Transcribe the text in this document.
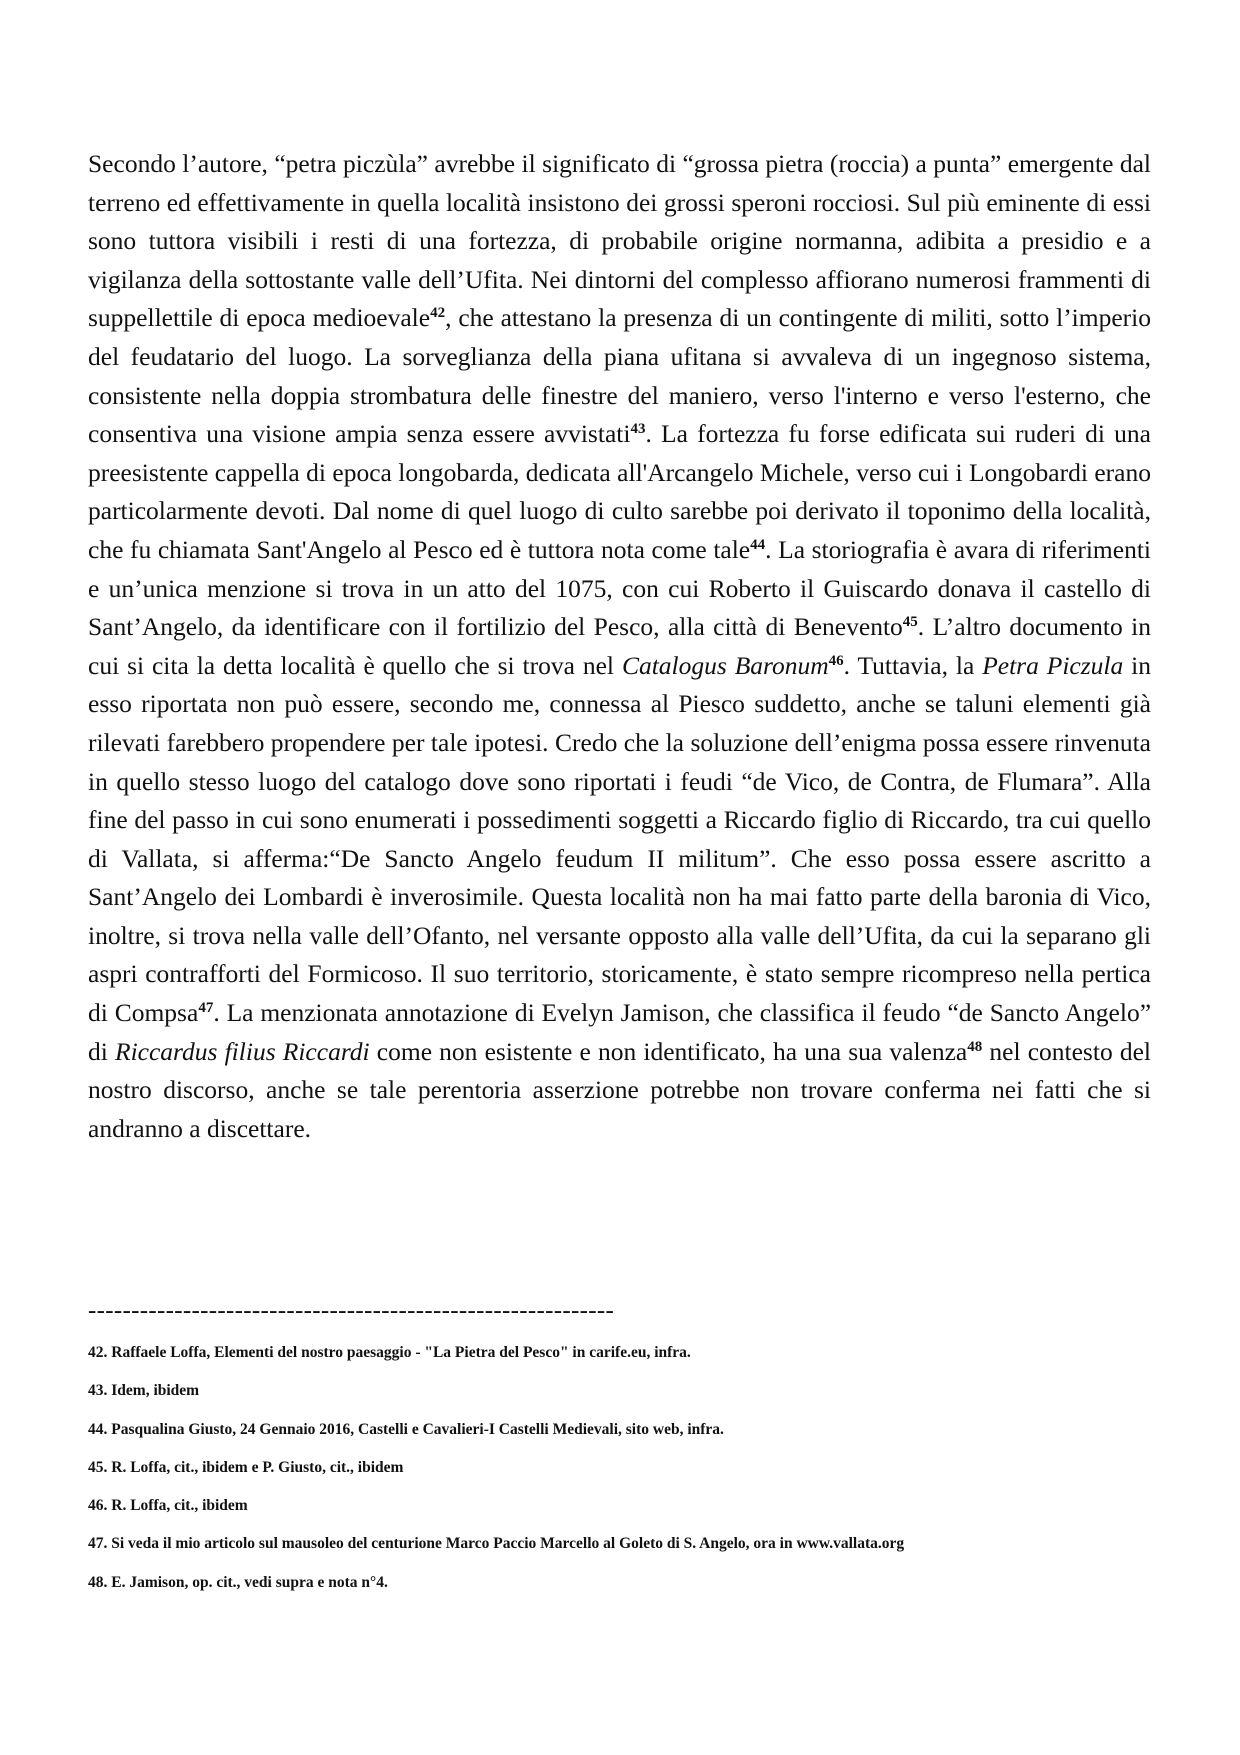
Secondo l’autore, “petra piczùla” avrebbe il significato di “grossa pietra (roccia) a punta” emergente dal terreno ed effettivamente in quella località insistono dei grossi speroni rocciosi. Sul più eminente di essi sono tuttora visibili i resti di una fortezza, di probabile origine normanna, adibita a presidio e a vigilanza della sottostante valle dell’Ufita. Nei dintorni del complesso affiorano numerosi frammenti di suppellettile di epoca medioevale$^{42}$, che attestano la presenza di un contingente di militi, sotto l’imperio del feudatario del luogo. La sorveglianza della piana ufitana si avvaleva di un ingegnoso sistema, consistente nella doppia strombatura delle finestre del maniero, verso l'interno e verso l'esterno, che consentiva una visione ampia senza essere avvistati$^{43}$. La fortezza fu forse edificata sui ruderi di una preesistente cappella di epoca longobarda, dedicata all'Arcangelo Michele, verso cui i Longobardi erano particolarmente devoti. Dal nome di quel luogo di culto sarebbe poi derivato il toponimo della località, che fu chiamata Sant'Angelo al Pesco ed è tuttora nota come tale$^{44}$. La storiografia è avara di riferimenti e un’unica menzione si trova in un atto del 1075, con cui Roberto il Guiscardo donava il castello di Sant’Angelo, da identificare con il fortilizio del Pesco, alla città di Benevento$^{45}$. L’altro documento in cui si cita la detta località è quello che si trova nel Catalogus Baronum$^{46}$. Tuttavia, la Petra Piczula in esso riportata non può essere, secondo me, connessa al Piesco suddetto, anche se taluni elementi già rilevati farebbero propendere per tale ipotesi. Credo che la soluzione dell’enigma possa essere rinvenuta in quello stesso luogo del catalogo dove sono riportati i feudi “de Vico, de Contra, de Flumara”. Alla fine del passo in cui sono enumerati i possedimenti soggetti a Riccardo figlio di Riccardo, tra cui quello di Vallata, si afferma:“De Sancto Angelo feudum II militum”. Che esso possa essere ascritto a Sant’Angelo dei Lombardi è inverosimile. Questa località non ha mai fatto parte della baronia di Vico, inoltre, si trova nella valle dell’Ofanto, nel versante opposto alla valle dell’Ufita, da cui la separano gli aspri contrafforti del Formicoso. Il suo territorio, storicamente, è stato sempre ricompreso nella pertica di Compsa$^{47}$. La menzionata annotazione di Evelyn Jamison, che classifica il feudo “de Sancto Angelo” di Riccardus filius Riccardi come non esistente e non identificato, ha una sua valenza$^{48}$ nel contesto del nostro discorso, anche se tale perentoria asserzione potrebbe non trovare conferma nei fatti che si andranno a discettare.

-------------------------------------------------------------
42. Raffaele Loffa, Elementi del nostro paesaggio - "La Pietra del Pesco" in carife.eu, infra.
43. Idem, ibidem
44. Pasqualina Giusto, 24 Gennaio 2016, Castelli e Cavalieri-I Castelli Medievali, sito web, infra.
45. R. Loffa, cit., ibidem e P. Giusto, cit., ibidem
46. R. Loffa, cit., ibidem
47. Si veda il mio articolo sul mausoleo del centurione Marco Paccio Marcello al Goleto di S. Angelo, ora in www.vallata.org
48. E. Jamison, op. cit., vedi supra e nota n°4.
